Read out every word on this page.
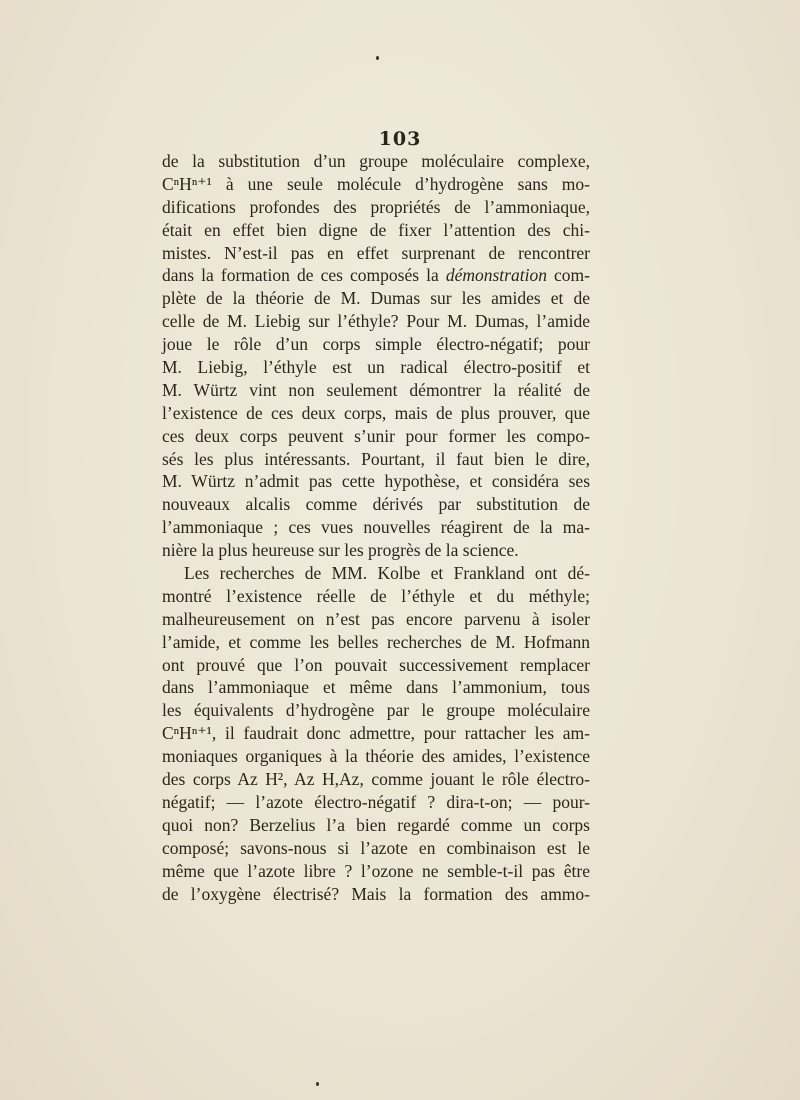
103
de la substitution d’un groupe moléculaire complexe,
CⁿHⁿ⁺¹ à une seule molécule d’hydrogène sans mo-
difications profondes des propriétés de l’ammoniaque,
était en effet bien digne de fixer l’attention des chi-
mistes. N’est-il pas en effet surprenant de rencontrer
dans la formation de ces composés la démonstration com-
plète de la théorie de M. Dumas sur les amides et de
celle de M. Liebig sur l’éthyle? Pour M. Dumas, l’amide
joue le rôle d’un corps simple électro-négatif; pour
M. Liebig, l’éthyle est un radical électro-positif et
M. Würtz vint non seulement démontrer la réalité de
l’existence de ces deux corps, mais de plus prouver, que
ces deux corps peuvent s’unir pour former les compo-
sés les plus intéressants. Pourtant, il faut bien le dire,
M. Würtz n’admit pas cette hypothèse, et considéra ses
nouveaux alcalis comme dérivés par substitution de
l’ammoniaque ; ces vues nouvelles réagirent de la ma-
nière la plus heureuse sur les progrès de la science.
Les recherches de MM. Kolbe et Frankland ont dé-
montré l’existence réelle de l’éthyle et du méthyle;
malheureusement on n’est pas encore parvenu à isoler
l’amide, et comme les belles recherches de M. Hofmann
ont prouvé que l’on pouvait successivement remplacer
dans l’ammoniaque et même dans l’ammonium, tous
les équivalents d’hydrogène par le groupe moléculaire
CⁿHⁿ⁺¹, il faudrait donc admettre, pour rattacher les am-
moniaques organiques à la théorie des amides, l’existence
des corps Az H², Az H,Az, comme jouant le rôle électro-
négatif; — l’azote électro-négatif ? dira-t-on; — pour-
quoi non? Berzelius l’a bien regardé comme un corps
composé; savons-nous si l’azote en combinaison est le
même que l’azote libre ? l’ozone ne semble-t-il pas être
de l’oxygène électrisé? Mais la formation des ammo-
